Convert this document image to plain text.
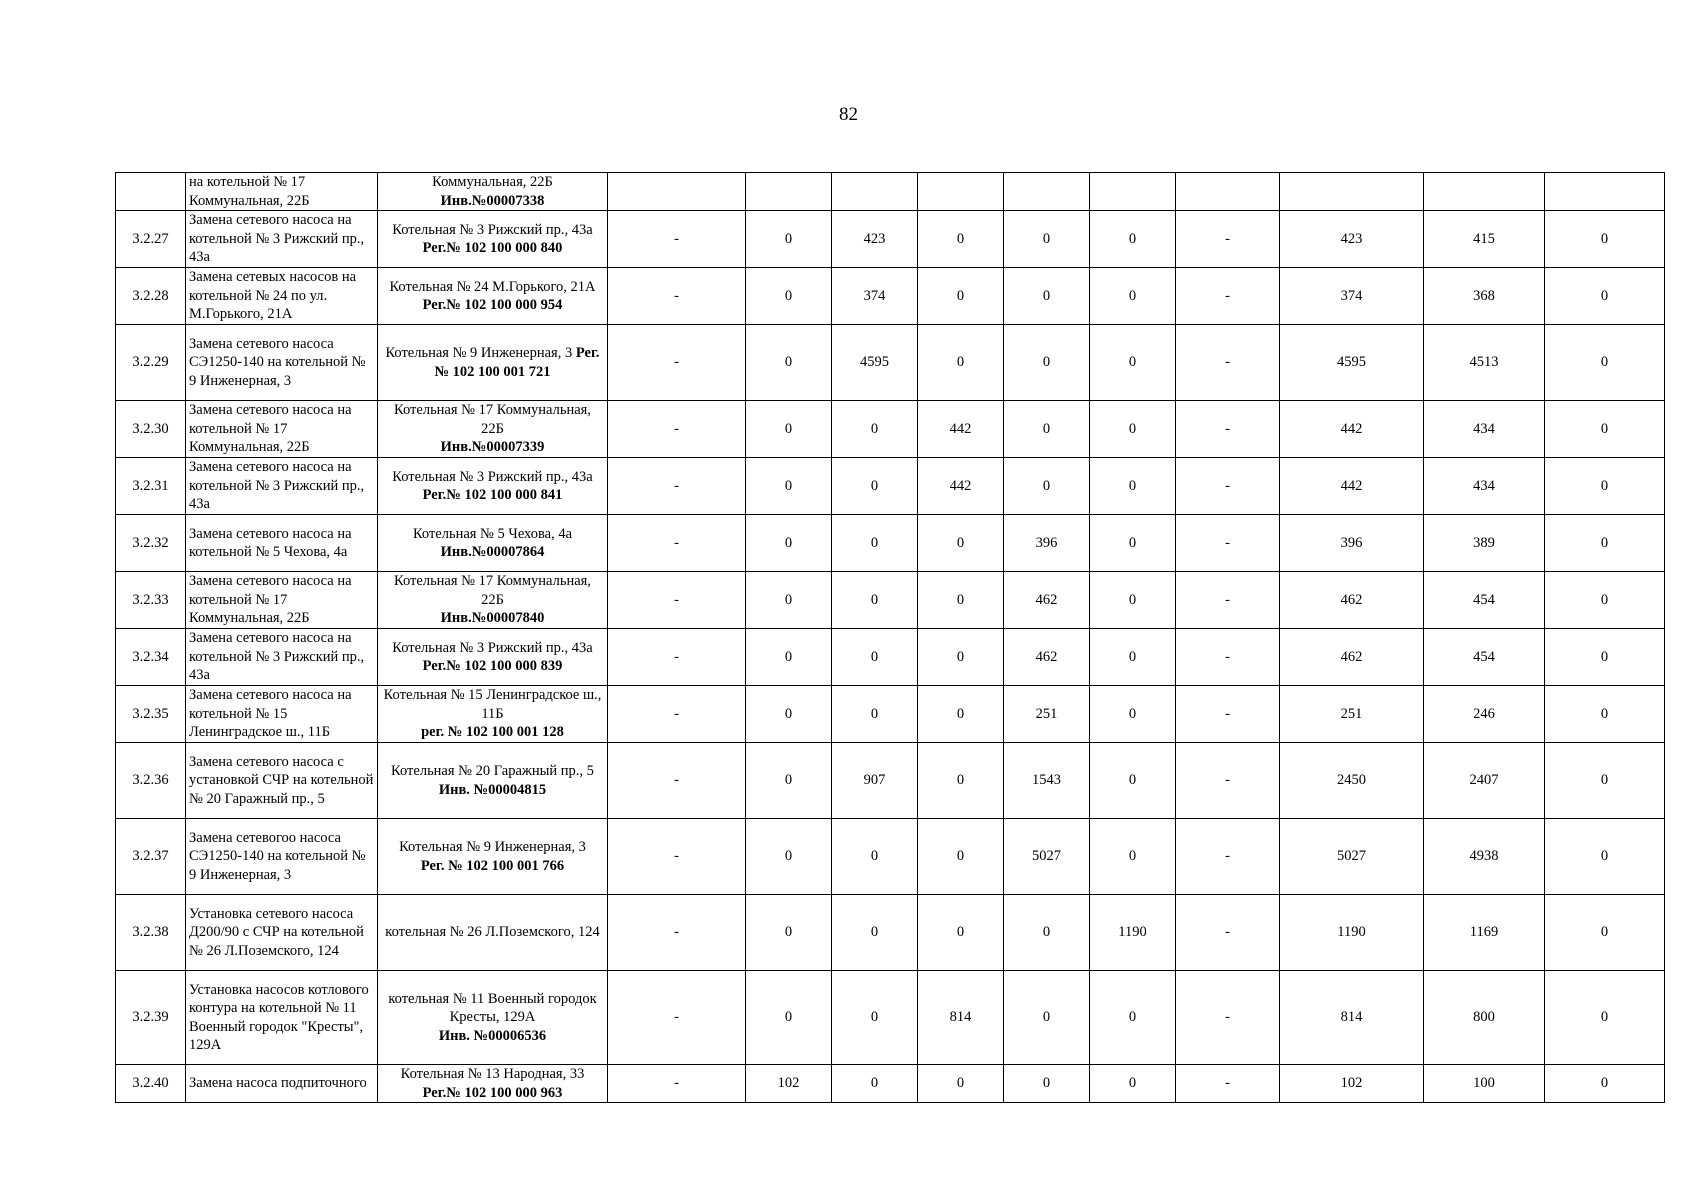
82
	на котельной № 17 Коммунальная, 22Б	Коммунальная, 22Б
Инв.№00007338										

3.2.27	Замена сетевого насоса на котельной № 3 Рижский пр., 43а	Котельная № 3 Рижский пр., 43а
Рег.№ 102 100 000 840	-	0	423	0	0	0	-	423	415	0
3.2.28	Замена сетевых насосов на котельной № 24 по ул. М.Горького, 21А	Котельная № 24 М.Горького, 21А
Рег.№ 102 100 000 954	-	0	374	0	0	0	-	374	368	0
3.2.29	Замена сетевого насоса СЭ1250-140 на котельной № 9 Инженерная, 3	Котельная № 9 Инженерная, 3 Рег. № 102 100 001 721	-	0	4595	0	0	0	-	4595	4513	0
3.2.30	Замена сетевого насоса на котельной № 17 Коммунальная, 22Б	Котельная № 17 Коммунальная, 22Б
Инв.№00007339	-	0	0	442	0	0	-	442	434	0
3.2.31	Замена сетевого насоса на котельной № 3 Рижский пр., 43а	Котельная № 3 Рижский пр., 43а
Рег.№ 102 100 000 841	-	0	0	442	0	0	-	442	434	0
3.2.32	Замена сетевого насоса на котельной № 5 Чехова, 4а	Котельная № 5 Чехова, 4а
Инв.№00007864	-	0	0	0	396	0	-	396	389	0
3.2.33	Замена сетевого насоса на котельной № 17 Коммунальная, 22Б	Котельная № 17 Коммунальная, 22Б
Инв.№00007840	-	0	0	0	462	0	-	462	454	0
3.2.34	Замена сетевого насоса на котельной № 3 Рижский пр., 43а	Котельная № 3 Рижский пр., 43а
Рег.№ 102 100 000 839	-	0	0	0	462	0	-	462	454	0
3.2.35	Замена сетевого насоса на котельной № 15 Ленинградское ш., 11Б	Котельная № 15 Ленинградское ш., 11Б
рег. № 102 100 001 128	-	0	0	0	251	0	-	251	246	0
3.2.36	Замена сетевого насоса с установкой СЧР на котельной № 20 Гаражный пр., 5	Котельная № 20 Гаражный пр., 5
Инв. №00004815	-	0	907	0	1543	0	-	2450	2407	0
3.2.37	Замена сетевогоо насоса СЭ1250-140 на котельной № 9 Инженерная, 3	Котельная № 9 Инженерная, 3
Рег. № 102 100 001 766	-	0	0	0	5027	0	-	5027	4938	0
3.2.38	Установка сетевого насоса Д200/90 с СЧР на котельной № 26 Л.Поземского, 124	котельная № 26 Л.Поземского, 124	-	0	0	0	0	1190	-	1190	1169	0
3.2.39	Установка насосов котлового контура на котельной № 11 Военный городок "Кресты", 129А	котельная № 11 Военный городок Кресты, 129А
Инв. №00006536	-	0	0	814	0	0	-	814	800	0
3.2.40	Замена насоса подпиточного	Котельная № 13 Народная, 33
Рег.№ 102 100 000 963	-	102	0	0	0	0	-	102	100	0
